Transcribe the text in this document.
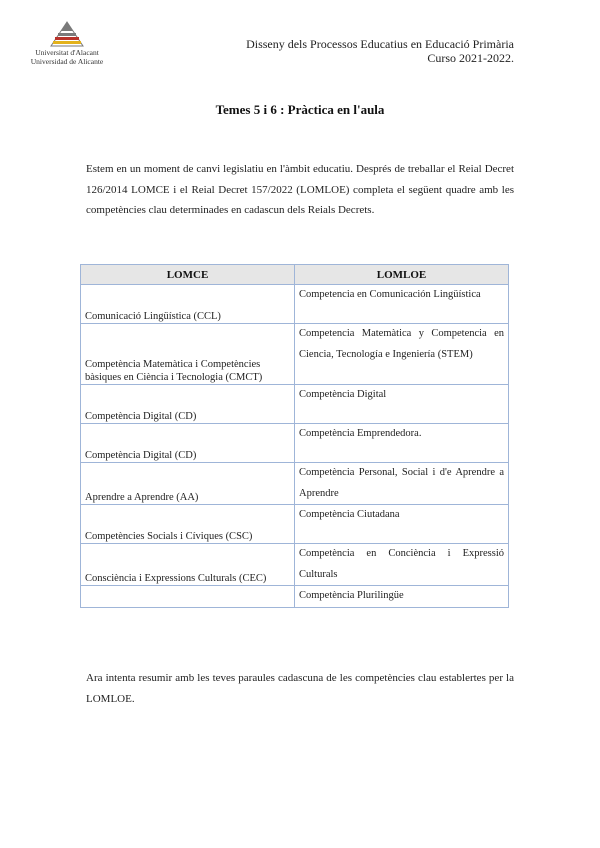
Universitat d'Alacant
Universidad de Alicante
Disseny dels Processos Educatius en Educació Primària
Curso 2021-2022.
Temes 5 i 6 : Pràctica en l'aula
Estem en un moment de canvi legislatiu en l'àmbit educatiu. Després de treballar el Reial Decret 126/2014 LOMCE i el Reial Decret 157/2022 (LOMLOE) completa el següent quadre amb les competències clau determinades en cadascun dels Reials Decrets.
LOMCE	LOMLOE
Comunicació Lingüística (CCL)	Competencia en Comunicación Lingüística
Competència Matemàtica i Competències bàsiques en Ciència i Tecnologia (CMCT)	Competencia Matemàtica y Competencia en Ciencia, Tecnología e Ingeniería (STEM)
Competència Digital (CD)	Competència Digital
Competència Digital (CD)	Competència Emprendedora.
Aprendre a Aprendre (AA)	Competència Personal, Social i d'e Aprendre a Aprendre
Competències Socials i Cíviques (CSC)	Competència Ciutadana
Consciència i Expressions Culturals (CEC)	Competència en Conciència i Expressió Culturals
	Competència Plurilingüe
Ara intenta resumir amb les teves paraules cadascuna de les competències clau establertes per la LOMLOE.
